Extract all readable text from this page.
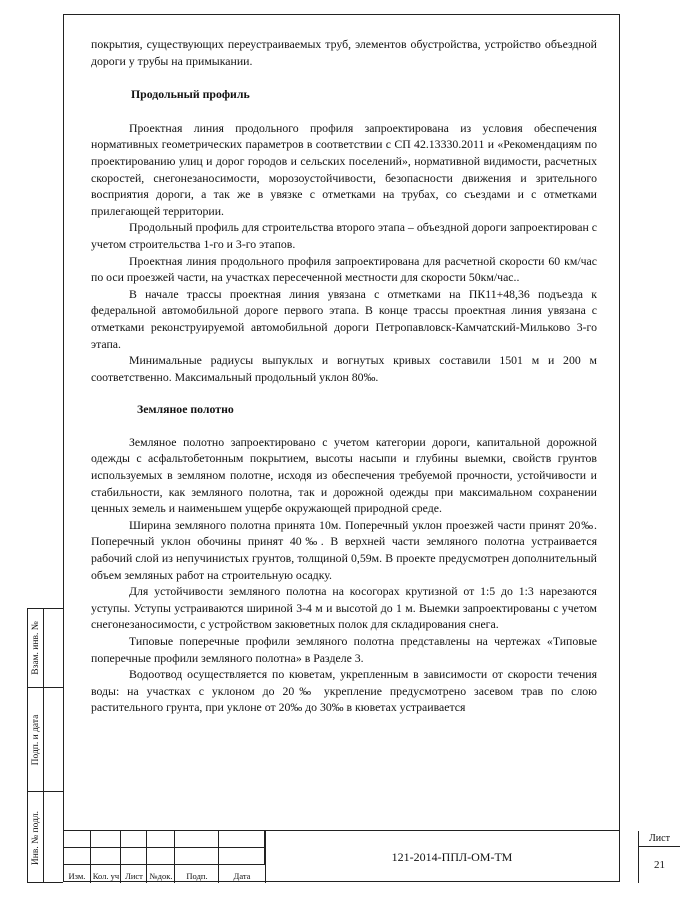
Взам. инв. №
Подп. и дата
Инв. № подл.

покрытия, существующих переустраиваемых труб, элементов обустройства, устройство объездной дороги у трубы на примыкании.

Продольный профиль

Проектная линия продольного профиля запроектирована из условия обеспечения нормативных геометрических параметров в соответствии с СП 42.13330.2011 и «Рекомендациям по проектированию улиц и дорог городов и сельских поселений», нормативной видимости, расчетных скоростей, снегонезаносимости, морозоустойчивости, безопасности движения и зрительного восприятия дороги, а так же в увязке с отметками на трубах, со съездами и с отметками прилегающей территории.

Продольный профиль для строительства второго этапа – объездной дороги запроектирован с учетом строительства 1-го и 3-го этапов.

Проектная линия продольного профиля запроектирована для расчетной скорости 60 км/час по оси проезжей части, на участках пересеченной местности для скорости 50км/час..

В начале трассы проектная линия увязана с отметками на ПК11+48,36 подъезда к федеральной автомобильной дороге первого этапа. В конце трассы проектная линия увязана с отметками реконструируемой автомобильной дороги Петропавловск-Камчатский-Мильково 3-го этапа.

Минимальные радиусы выпуклых и вогнутых кривых составили 1501 м и 200 м соответственно. Максимальный продольный уклон 80‰.

Земляное полотно

Земляное полотно запроектировано с учетом категории дороги, капитальной дорожной одежды с асфальтобетонным покрытием, высоты насыпи и глубины выемки, свойств грунтов используемых в земляном полотне, исходя из обеспечения требуемой прочности, устойчивости и стабильности, как земляного полотна, так и дорожной одежды при максимальном сохранении ценных земель и наименьшем ущербе окружающей природной среде.

Ширина земляного полотна принята 10м. Поперечный уклон проезжей части принят 20‰. Поперечный уклон обочины принят 40‰. В верхней части земляного полотна устраивается рабочий слой из непучинистых грунтов, толщиной 0,59м. В проекте предусмотрен дополнительный объем земляных работ на строительную осадку.

Для устойчивости земляного полотна на косогорах крутизной от 1:5 до 1:3 нарезаются уступы. Уступы устраиваются шириной 3-4 м и высотой до 1 м. Выемки запроектированы с учетом снегонезаносимости, с устройством закюветных полок для складирования снега.

Типовые поперечные профили земляного полотна представлены на чертежах «Типовые поперечные профили земляного полотна» в Разделе 3.

Водоотвод осуществляется по кюветам, укрепленным в зависимости от скорости течения воды: на участках с уклоном до 20‰ укрепление предусмотрено засевом трав по слою растительного грунта, при уклоне от 20‰ до 30‰ в кюветах устраивается

Изм. Кол. уч Лист №док.	Подп.	Дата
121-2014-ППЛ-ОМ-ТМ
Лист
21
